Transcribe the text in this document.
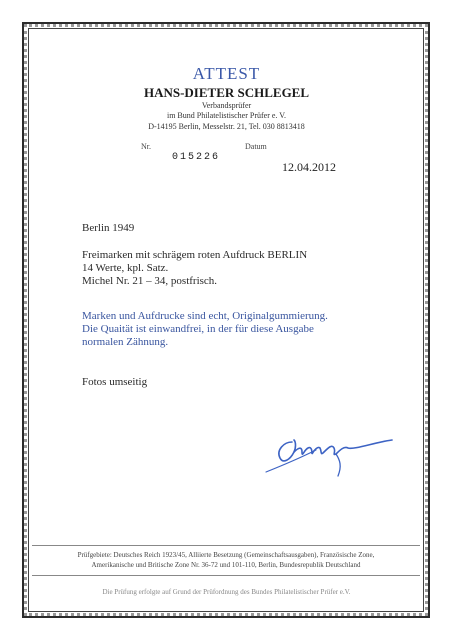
ATTEST
HANS-DIETER SCHLEGEL
Verbandsprüfer
im Bund Philatelistischer Prüfer e. V.
D-14195 Berlin, Messelstr. 21, Tel. 030 8813418
Nr.
015226
Datum
12.04.2012
Berlin 1949
Freimarken mit schrägem roten Aufdruck BERLIN
14 Werte, kpl. Satz.
Michel Nr. 21 – 34, postfrisch.
Marken und Aufdrucke sind echt, Originalgummierung.
Die Quaität ist einwandfrei, in der für diese Ausgabe
normalen Zähnung.
Fotos umseitig
Prüfgebiete: Deutsches Reich 1923/45, Alliierte Besetzung (Gemeinschaftsausgaben), Französische Zone,
Amerikanische und Britische Zone Nr. 36-72 und 101-110, Berlin, Bundesrepublik Deutschland
Die Prüfung erfolgte auf Grund der Prüfordnung des Bundes Philatelistischer Prüfer e.V.
